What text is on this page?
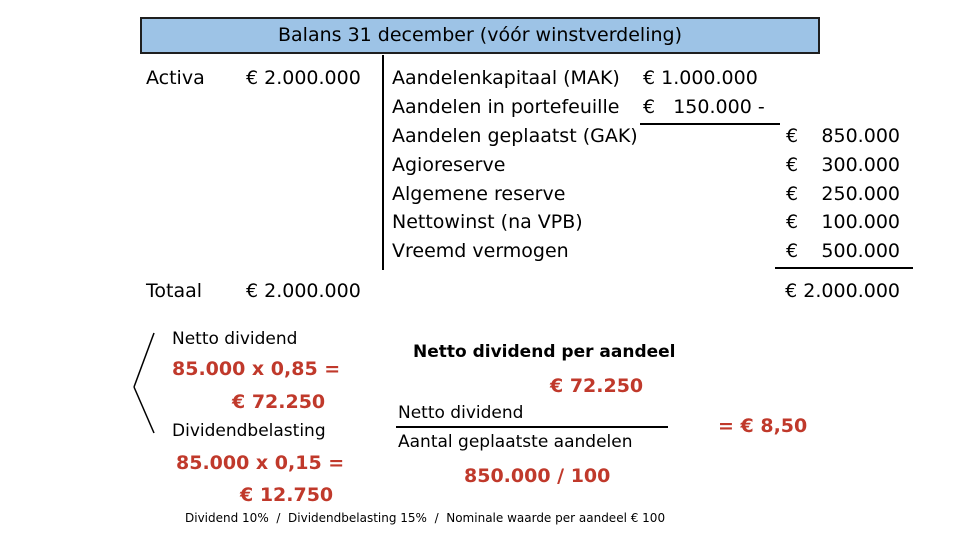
Balans 31 december (vóór winstverdeling)
Activa € 2.000.000 Aandelenkapitaal (MAK) € 1.000.000
Aandelen in portefeuille €   150.000 -
Aandelen geplaatst (GAK)	€	850.000
Agioreserve	€	300.000
Algemene reserve	€	250.000
Nettowinst (na VPB)	€	100.000
Vreemd vermogen	€	500.000
Totaal € 2.000.000	€ 2.000.000
Netto dividend
85.000 x 0,85 =
€ 72.250
Dividendbelasting
85.000 x 0,15 =
€ 12.750
Netto dividend per aandeel
€ 72.250
Netto dividend
Aantal geplaatste aandelen
850.000 / 100
= € 8,50
Dividend 10%  /  Dividendbelasting 15%  /  Nominale waarde per aandeel € 100
